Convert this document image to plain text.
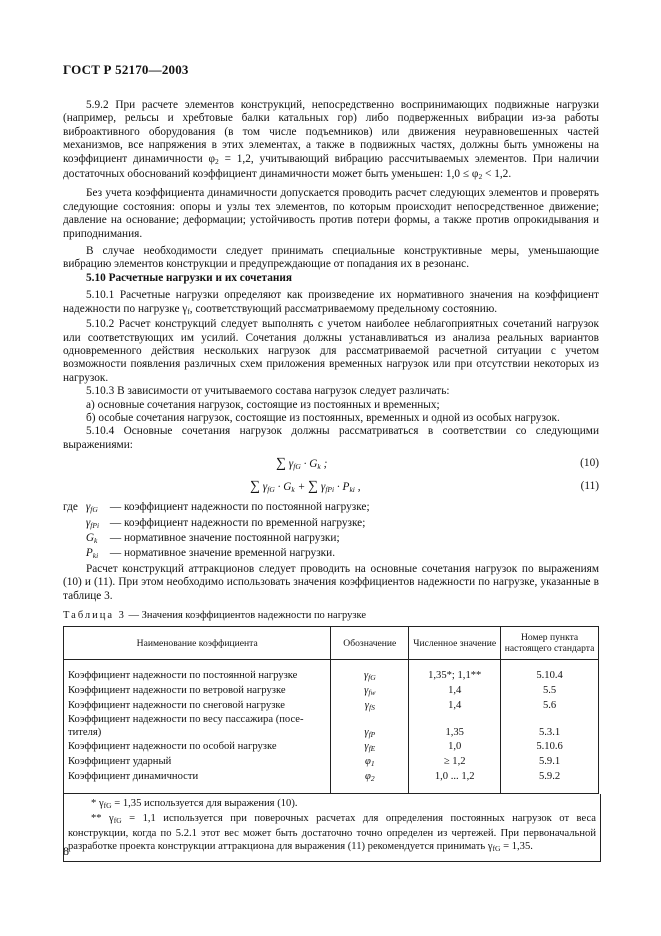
ГОСТ Р 52170—2003

5.9.2 При расчете элементов конструкций, непосредственно воспринимающих подвижные нагрузки (например, рельсы и хребтовые балки катальных гор) либо подверженных вибрации из-за работы виброактивного оборудования (в том числе подъемников) или движения неуравновешенных частей механизмов, все напряжения в этих элементах, а также в подвижных частях, должны быть умножены на коэффициент динамичности $\varphi_2 = 1,2$, учитывающий вибрацию рассчитываемых элементов. При наличии достаточных обоснований коэффициент динамичности может быть уменьшен: $1,0 \le \varphi_2 < 1,2$.

Без учета коэффициента динамичности допускается проводить расчет следующих элементов и проверять следующие состояния: опоры и узлы тех элементов, по которым происходит непосредственное движение; давление на основание; деформации; устойчивость против потери формы, а также против опрокидывания и приподнимания.

В случае необходимости следует принимать специальные конструктивные меры, уменьшающие вибрацию элементов конструкции и предупреждающие от попадания их в резонанс.

5.10 Расчетные нагрузки и их сочетания

5.10.1 Расчетные нагрузки определяют как произведение их нормативного значения на коэффициент надежности по нагрузке $\gamma_f$, соответствующий рассматриваемому предельному состоянию.

5.10.2 Расчет конструкций следует выполнять с учетом наиболее неблагоприятных сочетаний нагрузок или соответствующих им усилий. Сочетания должны устанавливаться из анализа реальных вариантов одновременного действия нескольких нагрузок для рассматриваемой расчетной ситуации с учетом возможности появления различных схем приложения временных нагрузок или при отсутствии некоторых из нагрузок.

5.10.3 В зависимости от учитываемого состава нагрузок следует различать:

а) основные сочетания нагрузок, состоящие из постоянных и временных;

б) особые сочетания нагрузок, состоящие из постоянных, временных и одной из особых нагрузок.

5.10.4 Основные сочетания нагрузок должны рассматриваться в соответствии со следующими выражениями:

∑ $\gamma_{fG} \cdot G_k$ ;	(10)
∑ $\gamma_{fG} \cdot G_k$ + ∑ $\gamma_{fPi} \cdot P_{ki}$ ,	(11)
где
$\gamma_{fG}$	— коэффициент надежности по постоянной нагрузке;

$\gamma_{fPi}$ — коэффициент надежности по временной нагрузке;

$G_k$	— нормативное значение постоянной нагрузки;

$P_{ki}$	— нормативное значение временной нагрузки.

Расчет конструкций аттракционов следует проводить на основные сочетания нагрузок по выражениям (10) и (11). При этом необходимо использовать значения коэффициентов надежности по нагрузке, указанные в таблице 3.

Таблица 3 — Значения коэффициентов надежности по нагрузке
Наименование коэффициента	Обозначение	Численное значение	Номер пункта настоящего стандарта
Коэффициент надежности по постоянной нагрузке	$\gamma_{fG}$	1,35*; 1,1**	5.10.4
Коэффициент надежности по ветровой нагрузке	$\gamma_{fw}$	1,4	5.5
Коэффициент надежности по снеговой нагрузке	$\gamma_{fS}$	1,4	5.6
Коэффициент надежности по весу пассажира (посе-			
тителя)	$\gamma_{fP}$	1,35	5.3.1
Коэффициент надежности по особой нагрузке	$\gamma_{fE}$	1,0	5.10.6
Коэффициент ударный	$\varphi_1$	≥ 1,2	5.9.1
Коэффициент динамичности	$\varphi_2$	1,0 ... 1,2	5.9.2

* $\gamma_{fG} = 1,35$ используется для выражения (10).

** $\gamma_{fG} = 1,1$ используется при поверочных расчетах для определения постоянных нагрузок от веса конструкции, когда по 5.2.1 этот вес может быть достаточно точно определен из чертежей. При первоначальной разработке проекта конструкции аттракциона для выражения (11) рекомендуется принимать $\gamma_{fG} = 1,35$.

8
